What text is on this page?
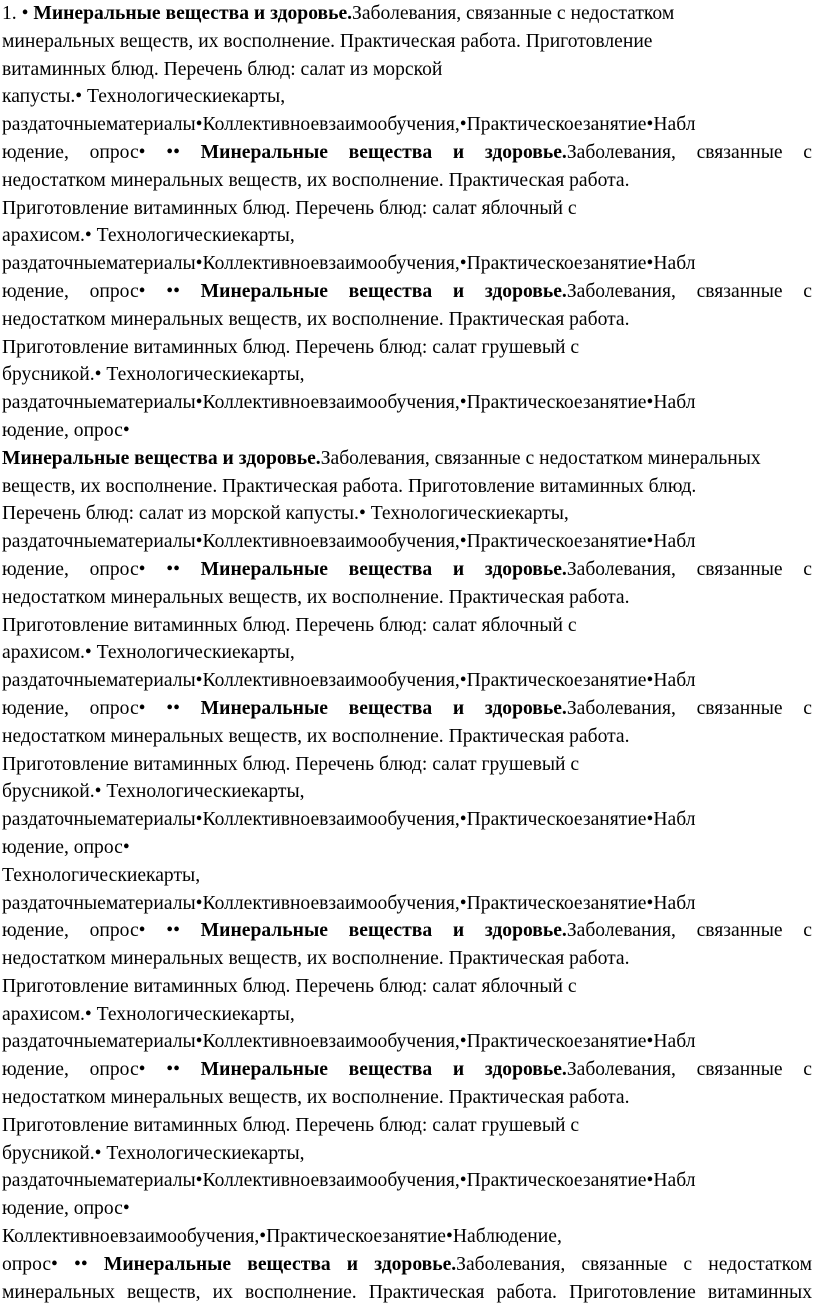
1. • Минеральные вещества и здоровье.Заболевания, связанные с недостатком
минеральных веществ, их восполнение. Практическая работа. Приготовление
витаминных блюд. Перечень блюд: салат из морской
капусты.• Технологическиекарты,
раздаточныематериалы•Коллективноевзаимообучения,•Практическоезанятие•Набл
юдение, опрос• •• Минеральные вещества и здоровье.Заболевания, связанные с
недостатком минеральных веществ, их восполнение. Практическая работа.
Приготовление витаминных блюд. Перечень блюд: салат яблочный с
арахисом.• Технологическиекарты,
раздаточныематериалы•Коллективноевзаимообучения,•Практическоезанятие•Набл
юдение, опрос• •• Минеральные вещества и здоровье.Заболевания, связанные с
недостатком минеральных веществ, их восполнение. Практическая работа.
Приготовление витаминных блюд. Перечень блюд: салат грушевый с
брусникой.• Технологическиекарты,
раздаточныематериалы•Коллективноевзаимообучения,•Практическоезанятие•Набл
юдение, опрос•
Минеральные вещества и здоровье.Заболевания, связанные с недостатком минеральных
веществ, их восполнение. Практическая работа. Приготовление витаминных блюд.
Перечень блюд: салат из морской капусты.• Технологическиекарты,
раздаточныематериалы•Коллективноевзаимообучения,•Практическоезанятие•Набл
юдение, опрос• •• Минеральные вещества и здоровье.Заболевания, связанные с
недостатком минеральных веществ, их восполнение. Практическая работа.
Приготовление витаминных блюд. Перечень блюд: салат яблочный с
арахисом.• Технологическиекарты,
раздаточныематериалы•Коллективноевзаимообучения,•Практическоезанятие•Набл
юдение, опрос• •• Минеральные вещества и здоровье.Заболевания, связанные с
недостатком минеральных веществ, их восполнение. Практическая работа.
Приготовление витаминных блюд. Перечень блюд: салат грушевый с
брусникой.• Технологическиекарты,
раздаточныематериалы•Коллективноевзаимообучения,•Практическоезанятие•Набл
юдение, опрос•
Технологическиекарты,
раздаточныематериалы•Коллективноевзаимообучения,•Практическоезанятие•Набл
юдение, опрос• •• Минеральные вещества и здоровье.Заболевания, связанные с
недостатком минеральных веществ, их восполнение. Практическая работа.
Приготовление витаминных блюд. Перечень блюд: салат яблочный с
арахисом.• Технологическиекарты,
раздаточныематериалы•Коллективноевзаимообучения,•Практическоезанятие•Набл
юдение, опрос• •• Минеральные вещества и здоровье.Заболевания, связанные с
недостатком минеральных веществ, их восполнение. Практическая работа.
Приготовление витаминных блюд. Перечень блюд: салат грушевый с
брусникой.• Технологическиекарты,
раздаточныематериалы•Коллективноевзаимообучения,•Практическоезанятие•Набл
юдение, опрос•
Коллективноевзаимообучения,•Практическоезанятие•Наблюдение,
опрос• •• Минеральные вещества и здоровье.Заболевания, связанные с недостатком
минеральных веществ, их восполнение. Практическая работа. Приготовление витаминных
